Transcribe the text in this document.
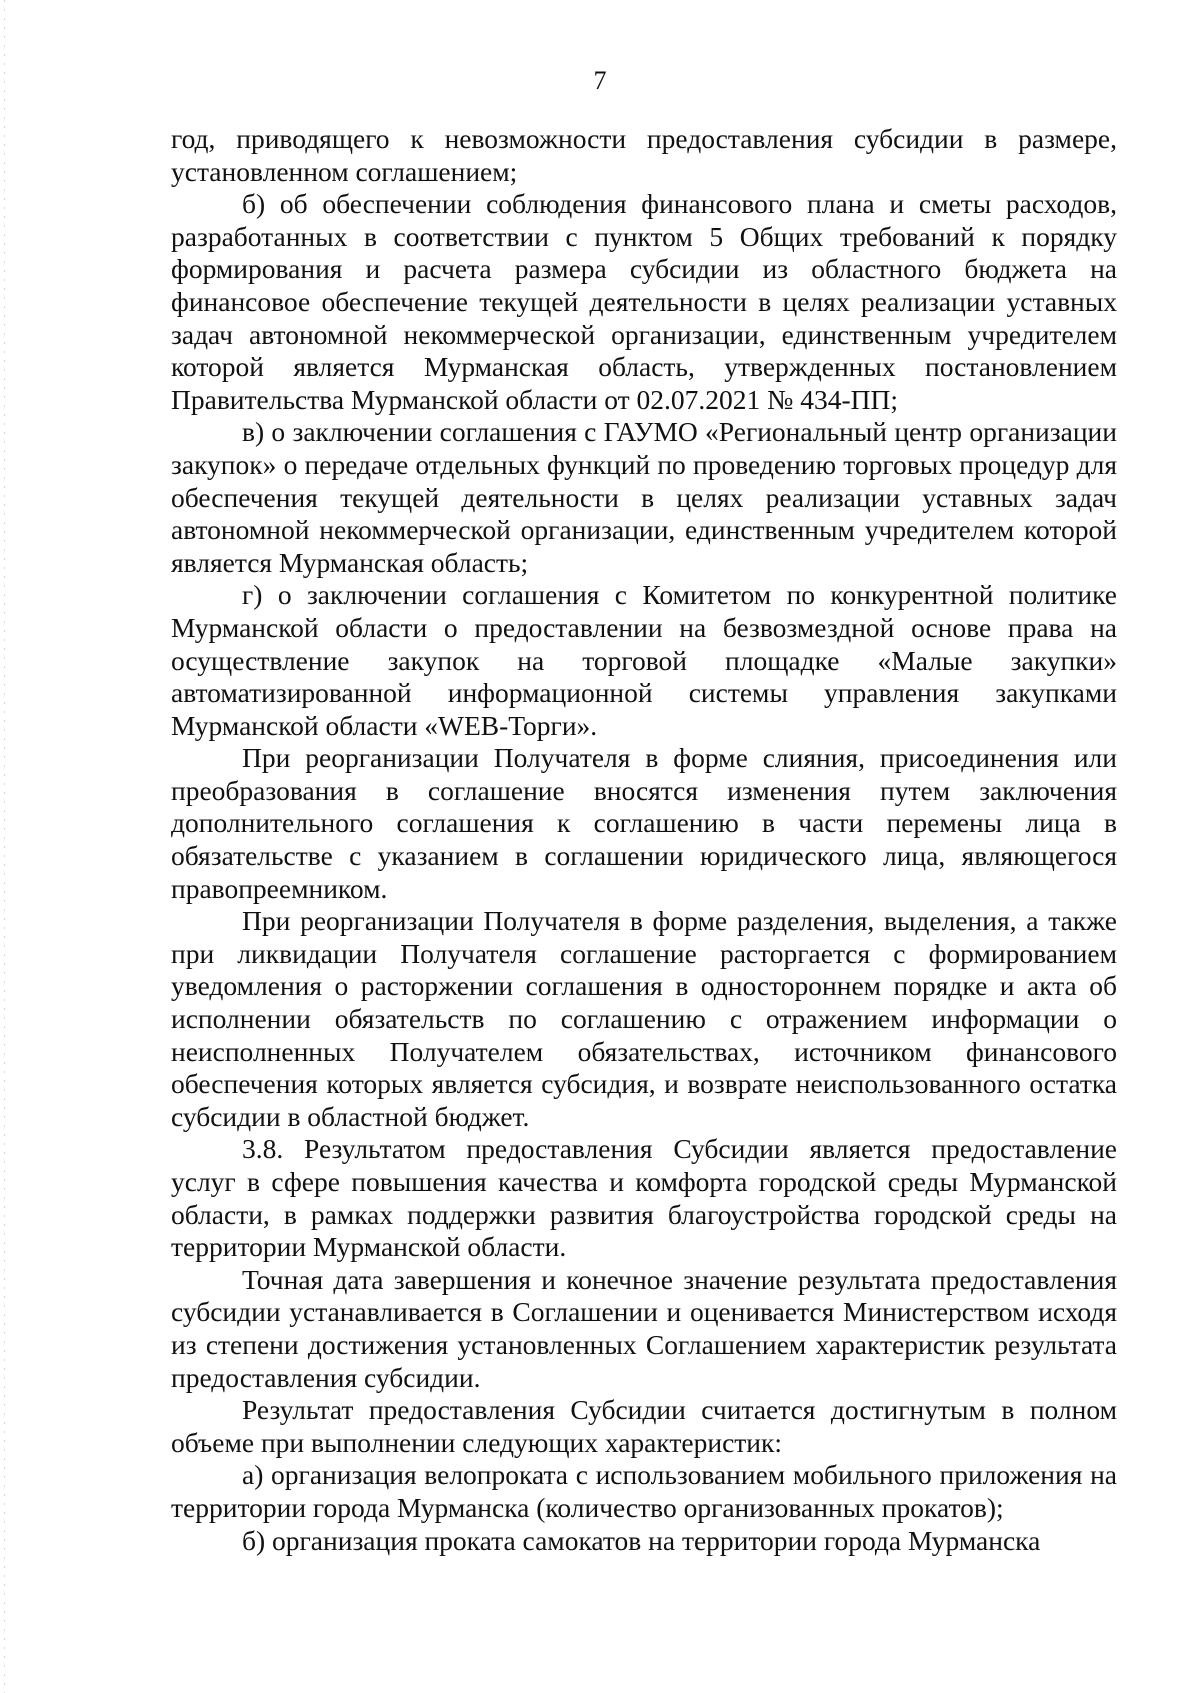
7

год, приводящего к невозможности предоставления субсидии в размере, установленном соглашением;

б) об обеспечении соблюдения финансового плана и сметы расходов, разработанных в соответствии с пунктом 5 Общих требований к порядку формирования и расчета размера субсидии из областного бюджета на финансовое обеспечение текущей деятельности в целях реализации уставных задач автономной некоммерческой организации, единственным учредителем которой является Мурманская область, утвержденных постановлением Правительства Мурманской области от 02.07.2021 № 434-ПП;

в) о заключении соглашения с ГАУМО «Региональный центр организации закупок» о передаче отдельных функций по проведению торговых процедур для обеспечения текущей деятельности в целях реализации уставных задач автономной некоммерческой организации, единственным учредителем которой является Мурманская область;

г) о заключении соглашения с Комитетом по конкурентной политике Мурманской области о предоставлении на безвозмездной основе права на осуществление закупок на торговой площадке «Малые закупки» автоматизированной информационной системы управления закупками Мурманской области «WEB-Торги».

При реорганизации Получателя в форме слияния, присоединения или преобразования в соглашение вносятся изменения путем заключения дополнительного соглашения к соглашению в части перемены лица в обязательстве с указанием в соглашении юридического лица, являющегося правопреемником.

При реорганизации Получателя в форме разделения, выделения, а также при ликвидации Получателя соглашение расторгается с формированием уведомления о расторжении соглашения в одностороннем порядке и акта об исполнении обязательств по соглашению с отражением информации о неисполненных Получателем обязательствах, источником финансового обеспечения которых является субсидия, и возврате неиспользованного остатка субсидии в областной бюджет.

3.8. Результатом предоставления Субсидии является предоставление услуг в сфере повышения качества и комфорта городской среды Мурманской области, в рамках поддержки развития благоустройства городской среды на территории Мурманской области.

Точная дата завершения и конечное значение результата предоставления субсидии устанавливается в Соглашении и оценивается Министерством исходя из степени достижения установленных Соглашением характеристик результата предоставления субсидии.

Результат предоставления Субсидии считается достигнутым в полном объеме при выполнении следующих характеристик:

а) организация велопроката с использованием мобильного приложения на территории города Мурманска (количество организованных прокатов);

б) организация проката самокатов на территории города Мурманска
